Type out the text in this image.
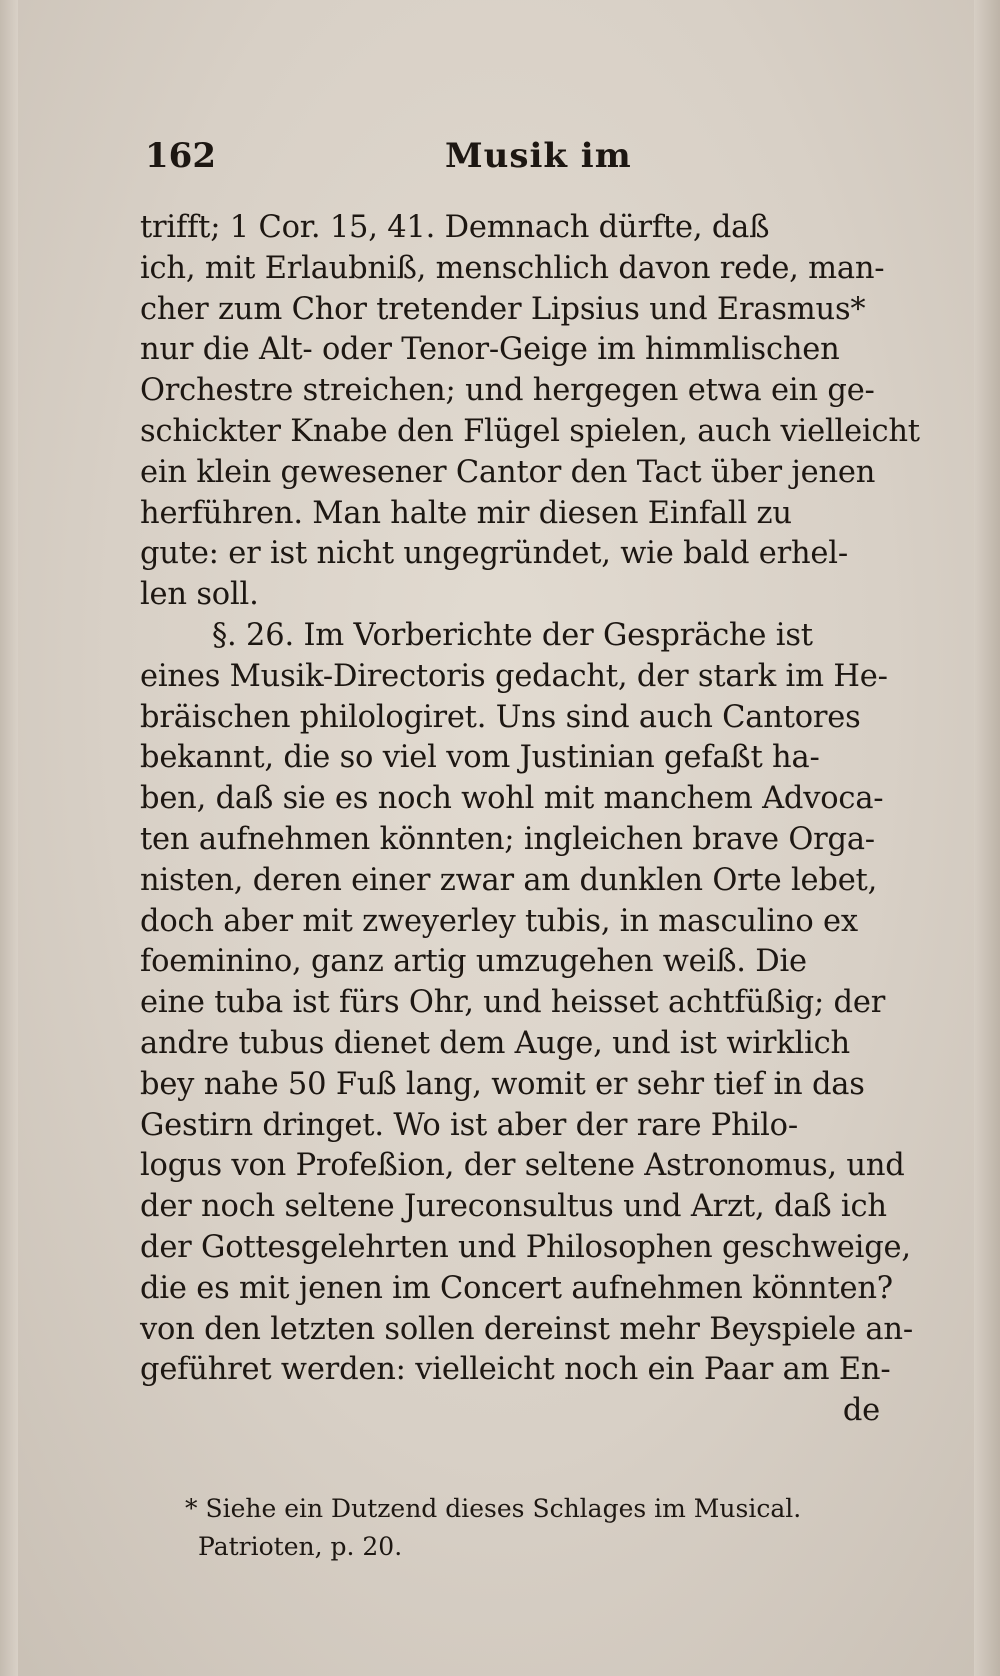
162	Musik im
trifft; 1 Cor. 15, 41. Demnach dürfte, daß
ich, mit Erlaubniß, menschlich davon rede, man-
cher zum Chor tretender Lipsius und Erasmus*
nur die Alt- oder Tenor-Geige im himmlischen
Orchestre streichen; und hergegen etwa ein ge-
schickter Knabe den Flügel spielen, auch vielleicht
ein klein gewesener Cantor den Tact über jenen
herführen. Man halte mir diesen Einfall zu
gute: er ist nicht ungegründet, wie bald erhel-
len soll.
§. 26. Im Vorberichte der Gespräche ist
eines Musik-Directoris gedacht, der stark im He-
bräischen philologiret. Uns sind auch Cantores
bekannt, die so viel vom Justinian gefaßt ha-
ben, daß sie es noch wohl mit manchem Advoca-
ten aufnehmen könnten; ingleichen brave Orga-
nisten, deren einer zwar am dunklen Orte lebet,
doch aber mit zweyerley tubis, in masculino ex
foeminino, ganz artig umzugehen weiß. Die
eine tuba ist fürs Ohr, und heisset achtfüßig; der
andre tubus dienet dem Auge, und ist wirklich
bey nahe 50 Fuß lang, womit er sehr tief in das
Gestirn dringet. Wo ist aber der rare Philo-
logus von Profeßion, der seltene Astronomus, und
der noch seltene Jureconsultus und Arzt, daß ich
der Gottesgelehrten und Philosophen geschweige,
die es mit jenen im Concert aufnehmen könnten?
von den letzten sollen dereinst mehr Beyspiele an-
geführet werden: vielleicht noch ein Paar am En-
de
* Siehe ein Dutzend dieses Schlages im Musical.
Patrioten, p. 20.
